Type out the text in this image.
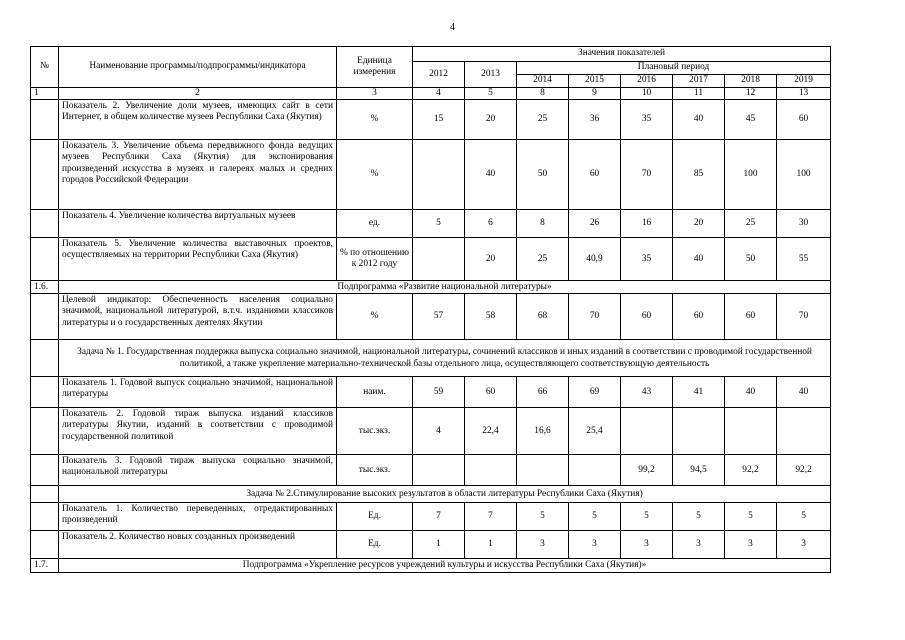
4
№	Наименование программы/подпрограммы/индикатора	Единица измерения	Значения показателей							
			2012	2013	Плановый период					
					2014	2015	2016	2017	2018	2019
1	2	3	4	5	8	9	10	11	12	13
	Показатель 2. Увеличение доли музеев, имеющих сайт в сети Интернет, в общем количестве музеев Республики Саха (Якутия)	%	15	20	25	36	35	40	45	60
	Показатель 3. Увеличение объема передвижного фонда ведущих музеев Республики Саха (Якутия) для экспонирования произведений искусства в музеях и галереях малых и средних городов Российской Федерации	%		40	50	60	70	85	100	100
	Показатель 4. Увеличение количества виртуальных музеев	ед.	5	6	8	26	16	20	25	30
	Показатель 5. Увеличение количества выставочных проектов, осуществляемых на территории Республики Саха (Якутия)	% по отношению к 2012 году		20	25	40,9	35	40	50	55
1.6.	Подпрограмма «Развитие национальной литературы»									
	Целевой индикатор: Обеспеченность населения социально значимой, национальной литературой, в.т.ч. изданиями классиков литературы и о государственных деятелях Якутии	%	57	58	68	70	60	60	60	70
	Задача № 1. Государственная поддержка выпуска социально значимой, национальной литературы, сочинений классиков и иных изданий в соответствии с проводимой государственной политикой, а также укрепление материально-технической базы отдельного лица, осуществляющего соответствующую деятельность									
	Показатель 1. Годовой выпуск социально значимой, национальной литературы	наим.	59	60	66	69	43	41	40	40
	Показатель 2. Годовой тираж выпуска изданий классиков литературы Якутии, изданий в соответствии с проводимой государственной политикой	тыс.экз.	4	22,4	16,6	25,4				
	Показатель 3. Годовой тираж выпуска социально значимой, национальной литературы	тыс.экз.					99,2	94,5	92,2	92,2
	Задача № 2.Стимулирование высоких результатов в области литературы Республики Саха (Якутия)									
	Показатель 1. Количество переведенных, отредактированных произведений	Ед.	7	7	5	5	5	5	5	5
	Показатель 2. Количество новых созданных произведений	Ед.	1	1	3	3	3	3	3	3
1.7.	Подпрограмма «Укрепление ресурсов учреждений культуры и искусства Республики Саха (Якутия)»									
